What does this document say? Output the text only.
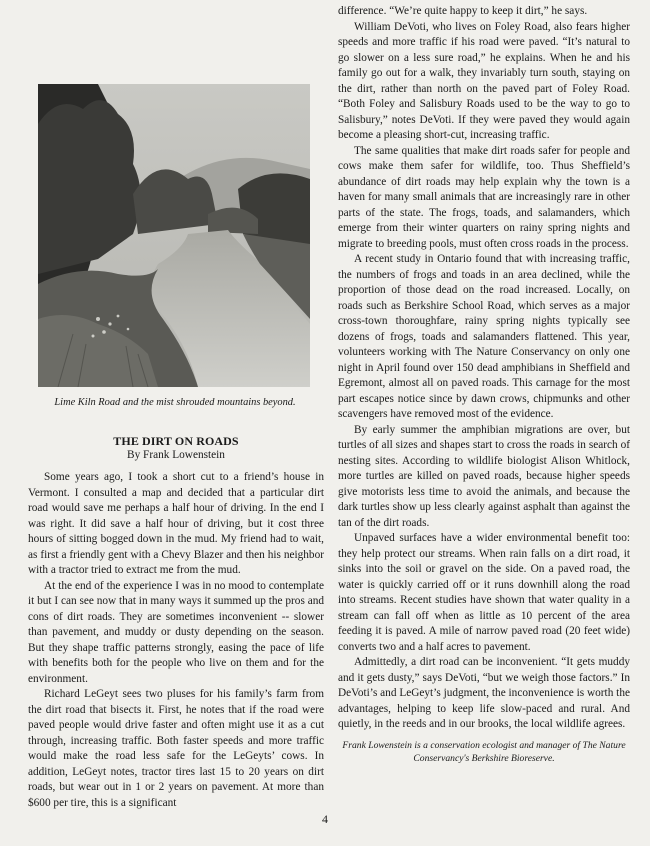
Lime Kiln Road and the mist shrouded mountains beyond.
THE DIRT ON ROADS
By Frank Lowenstein

Some years ago, I took a short cut to a friend’s house in Vermont. I consulted a map and decided that a particular dirt road would save me perhaps a half hour of driving. In the end I was right. It did save a half hour of driving, but it cost three hours of sitting bogged down in the mud. My friend had to wait, as first a friendly gent with a Chevy Blazer and then his neighbor with a tractor tried to extract me from the mud.

At the end of the experience I was in no mood to contemplate it but I can see now that in many ways it summed up the pros and cons of dirt roads. They are sometimes inconvenient -- slower than pavement, and muddy or dusty depending on the season. But they shape traffic patterns strongly, easing the pace of life with benefits both for the people who live on them and for the environment.

Richard LeGeyt sees two pluses for his family’s farm from the dirt road that bisects it. First, he notes that if the road were paved people would drive faster and often might use it as a cut through, increasing traffic. Both faster speeds and more traffic would make the road less safe for the LeGeyts’ cows. In addition, LeGeyt notes, tractor tires last 15 to 20 years on dirt roads, but wear out in 1 or 2 years on pavement. At more than $600 per tire, this is a significant

difference. “We’re quite happy to keep it dirt,” he says.

William DeVoti, who lives on Foley Road, also fears higher speeds and more traffic if his road were paved. “It’s natural to go slower on a less sure road,” he explains. When he and his family go out for a walk, they invariably turn south, staying on the dirt, rather than north on the paved part of Foley Road. “Both Foley and Salisbury Roads used to be the way to go to Salisbury,” notes DeVoti. If they were paved they would again become a pleasing short-cut, increasing traffic.

The same qualities that make dirt roads safer for people and cows make them safer for wildlife, too. Thus Sheffield’s abundance of dirt roads may help explain why the town is a haven for many small animals that are increasingly rare in other parts of the state. The frogs, toads, and salamanders, which emerge from their winter quarters on rainy spring nights and migrate to breeding pools, must often cross roads in the process.

A recent study in Ontario found that with increasing traffic, the numbers of frogs and toads in an area declined, while the proportion of those dead on the road increased. Locally, on roads such as Berkshire School Road, which serves as a major cross-town thoroughfare, rainy spring nights typically see dozens of frogs, toads and salamanders flattened. This year, volunteers working with The Nature Conservancy on only one night in April found over 150 dead amphibians in Sheffield and Egremont, almost all on paved roads. This carnage for the most part escapes notice since by dawn crows, chipmunks and other scavengers have removed most of the evidence.

By early summer the amphibian migrations are over, but turtles of all sizes and shapes start to cross the roads in search of nesting sites. According to wildlife biologist Alison Whitlock, more turtles are killed on paved roads, because higher speeds give motorists less time to avoid the animals, and because the dark turtles show up less clearly against asphalt than against the tan of the dirt roads.

Unpaved surfaces have a wider environmental benefit too: they help protect our streams. When rain falls on a dirt road, it sinks into the soil or gravel on the side. On a paved road, the water is quickly carried off or it runs downhill along the road into streams. Recent studies have shown that water quality in a stream can fall off when as little as 10 percent of the area feeding it is paved. A mile of narrow paved road (20 feet wide) converts two and a half acres to pavement.

Admittedly, a dirt road can be inconvenient. “It gets muddy and it gets dusty,” says DeVoti, “but we weigh those factors.” In DeVoti’s and LeGeyt’s judgment, the inconvenience is worth the advantages, helping to keep life slow-paced and rural. And quietly, in the reeds and in our brooks, the local wildlife agrees.

Frank Lowenstein is a conservation ecologist and manager of The Nature Conservancy's Berkshire Bioreserve.

4
